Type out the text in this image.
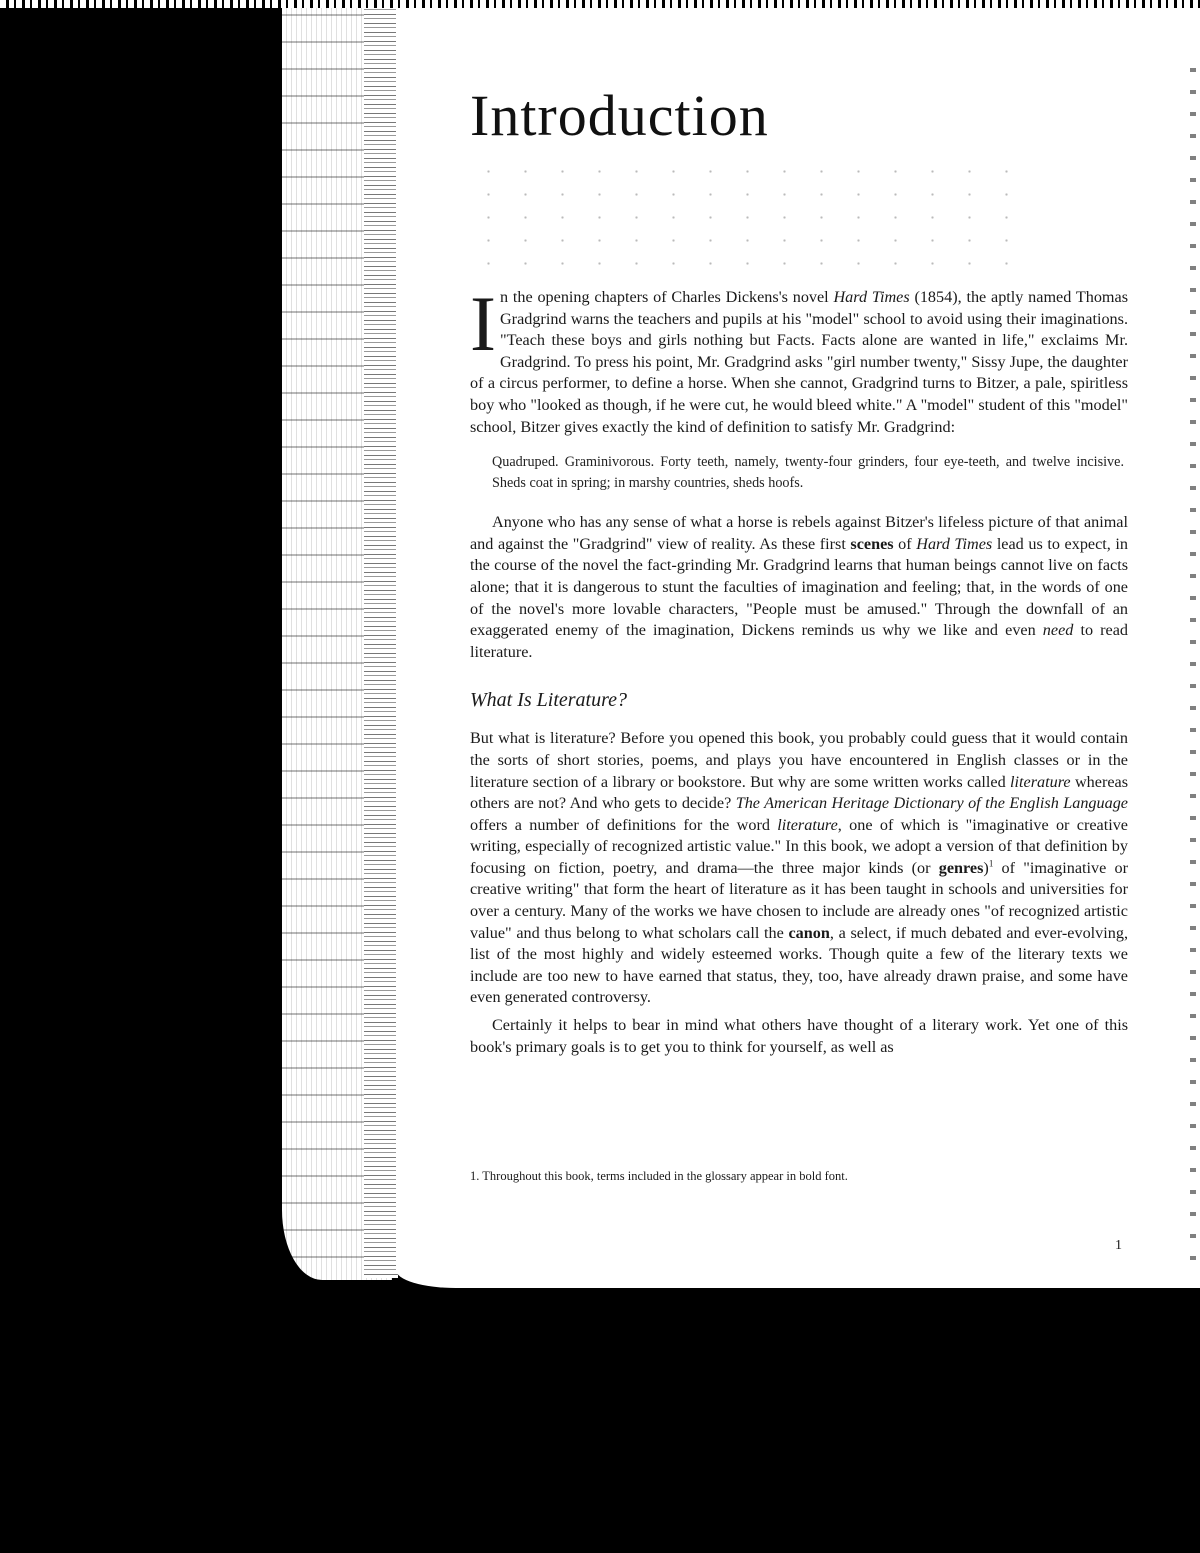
Introduction

In the opening chapters of Charles Dickens's novel Hard Times (1854), the aptly named Thomas Gradgrind warns the teachers and pupils at his "model" school to avoid using their imaginations. "Teach these boys and girls nothing but Facts. Facts alone are wanted in life," exclaims Mr. Gradgrind. To press his point, Mr. Gradgrind asks "girl number twenty," Sissy Jupe, the daughter of a circus performer, to define a horse. When she cannot, Gradgrind turns to Bitzer, a pale, spiritless boy who "looked as though, if he were cut, he would bleed white." A "model" student of this "model" school, Bitzer gives exactly the kind of definition to satisfy Mr. Gradgrind:

Quadruped. Graminivorous. Forty teeth, namely, twenty-four grinders, four eye-teeth, and twelve incisive. Sheds coat in spring; in marshy countries, sheds hoofs.

Anyone who has any sense of what a horse is rebels against Bitzer's lifeless picture of that animal and against the "Gradgrind" view of reality. As these first scenes of Hard Times lead us to expect, in the course of the novel the fact-grinding Mr. Gradgrind learns that human beings cannot live on facts alone; that it is dangerous to stunt the faculties of imagination and feeling; that, in the words of one of the novel's more lovable characters, "People must be amused." Through the downfall of an exaggerated enemy of the imagination, Dickens reminds us why we like and even need to read literature.

What Is Literature?

But what is literature? Before you opened this book, you probably could guess that it would contain the sorts of short stories, poems, and plays you have encountered in English classes or in the literature section of a library or bookstore. But why are some written works called literature whereas others are not? And who gets to decide? The American Heritage Dictionary of the English Language offers a number of definitions for the word literature, one of which is "imaginative or creative writing, especially of recognized artistic value." In this book, we adopt a version of that definition by focusing on fiction, poetry, and drama—the three major kinds (or genres)$^1$ of "imaginative or creative writing" that form the heart of literature as it has been taught in schools and universities for over a century. Many of the works we have chosen to include are already ones "of recognized artistic value" and thus belong to what scholars call the canon, a select, if much debated and ever-evolving, list of the most highly and widely esteemed works. Though quite a few of the literary texts we include are too new to have earned that status, they, too, have already drawn praise, and some have even generated controversy.

Certainly it helps to bear in mind what others have thought of a literary work. Yet one of this book's primary goals is to get you to think for yourself, as well as

1. Throughout this book, terms included in the glossary appear in bold font.

1
